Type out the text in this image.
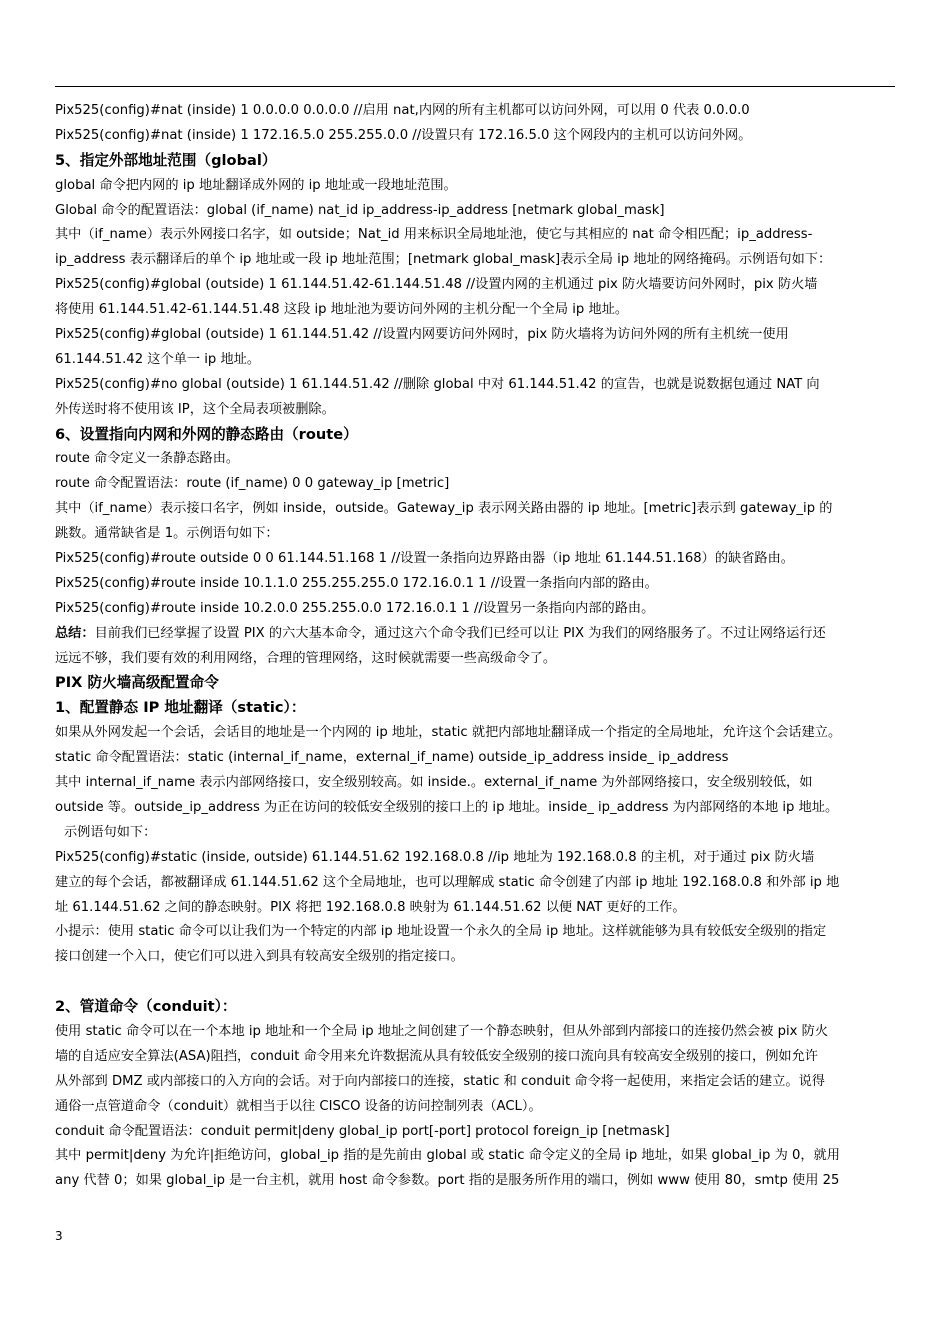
Pix525(config)#nat (inside) 1 0.0.0.0 0.0.0.0 //启用 nat,内网的所有主机都可以访问外网，可以用 0 代表 0.0.0.0
Pix525(config)#nat (inside) 1 172.16.5.0 255.255.0.0 //设置只有 172.16.5.0 这个网段内的主机可以访问外网。
5、指定外部地址范围（global）
global 命令把内网的 ip 地址翻译成外网的 ip 地址或一段地址范围。
Global 命令的配置语法：global (if_name) nat_id ip_address-ip_address [netmark global_mask]
其中（if_name）表示外网接口名字，如 outside；Nat_id 用来标识全局地址池，使它与其相应的 nat 命令相匹配；ip_address-
ip_address 表示翻译后的单个 ip 地址或一段 ip 地址范围；[netmark global_mask]表示全局 ip 地址的网络掩码。示例语句如下：
Pix525(config)#global (outside) 1 61.144.51.42-61.144.51.48 //设置内网的主机通过 pix 防火墙要访问外网时，pix 防火墙
将使用 61.144.51.42-61.144.51.48 这段 ip 地址池为要访问外网的主机分配一个全局 ip 地址。
Pix525(config)#global (outside) 1 61.144.51.42 //设置内网要访问外网时，pix 防火墙将为访问外网的所有主机统一使用
61.144.51.42 这个单一 ip 地址。
Pix525(config)#no global (outside) 1 61.144.51.42 //删除 global 中对 61.144.51.42 的宣告，也就是说数据包通过 NAT 向
外传送时将不使用该 IP，这个全局表项被删除。
6、设置指向内网和外网的静态路由（route）
route 命令定义一条静态路由。
route 命令配置语法：route (if_name) 0 0 gateway_ip [metric]
其中（if_name）表示接口名字，例如 inside，outside。Gateway_ip 表示网关路由器的 ip 地址。[metric]表示到 gateway_ip 的
跳数。通常缺省是 1。示例语句如下：
Pix525(config)#route outside 0 0 61.144.51.168 1 //设置一条指向边界路由器（ip 地址 61.144.51.168）的缺省路由。
Pix525(config)#route inside 10.1.1.0 255.255.255.0 172.16.0.1 1 //设置一条指向内部的路由。
Pix525(config)#route inside 10.2.0.0 255.255.0.0 172.16.0.1 1 //设置另一条指向内部的路由。
总结：目前我们已经掌握了设置 PIX 的六大基本命令，通过这六个命令我们已经可以让 PIX 为我们的网络服务了。不过让网络运行还
远远不够，我们要有效的利用网络，合理的管理网络，这时候就需要一些高级命令了。
PIX 防火墙高级配置命令
1、配置静态 IP 地址翻译（static）：
如果从外网发起一个会话，会话目的地址是一个内网的 ip 地址，static 就把内部地址翻译成一个指定的全局地址，允许这个会话建立。
static 命令配置语法：static (internal_if_name，external_if_name) outside_ip_address inside_ ip_address
其中 internal_if_name 表示内部网络接口，安全级别较高。如 inside.。external_if_name 为外部网络接口，安全级别较低，如
outside 等。outside_ip_address 为正在访问的较低安全级别的接口上的 ip 地址。inside_ ip_address 为内部网络的本地 ip 地址。
示例语句如下：
Pix525(config)#static (inside, outside) 61.144.51.62 192.168.0.8 //ip 地址为 192.168.0.8 的主机，对于通过 pix 防火墙
建立的每个会话，都被翻译成 61.144.51.62 这个全局地址，也可以理解成 static 命令创建了内部 ip 地址 192.168.0.8 和外部 ip 地
址 61.144.51.62 之间的静态映射。PIX 将把 192.168.0.8 映射为 61.144.51.62 以便 NAT 更好的工作。
小提示：使用 static 命令可以让我们为一个特定的内部 ip 地址设置一个永久的全局 ip 地址。这样就能够为具有较低安全级别的指定
接口创建一个入口，使它们可以进入到具有较高安全级别的指定接口。
2、管道命令（conduit）：
使用 static 命令可以在一个本地 ip 地址和一个全局 ip 地址之间创建了一个静态映射，但从外部到内部接口的连接仍然会被 pix 防火
墙的自适应安全算法(ASA)阻挡，conduit 命令用来允许数据流从具有较低安全级别的接口流向具有较高安全级别的接口，例如允许
从外部到 DMZ 或内部接口的入方向的会话。对于向内部接口的连接，static 和 conduit 命令将一起使用，来指定会话的建立。说得
通俗一点管道命令（conduit）就相当于以往 CISCO 设备的访问控制列表（ACL）。
conduit 命令配置语法：conduit permit|deny global_ip port[-port] protocol foreign_ip [netmask]
其中 permit|deny 为允许|拒绝访问，global_ip 指的是先前由 global 或 static 命令定义的全局 ip 地址，如果 global_ip 为 0，就用
any 代替 0；如果 global_ip 是一台主机，就用 host 命令参数。port 指的是服务所作用的端口，例如 www 使用 80，smtp 使用 25
3
